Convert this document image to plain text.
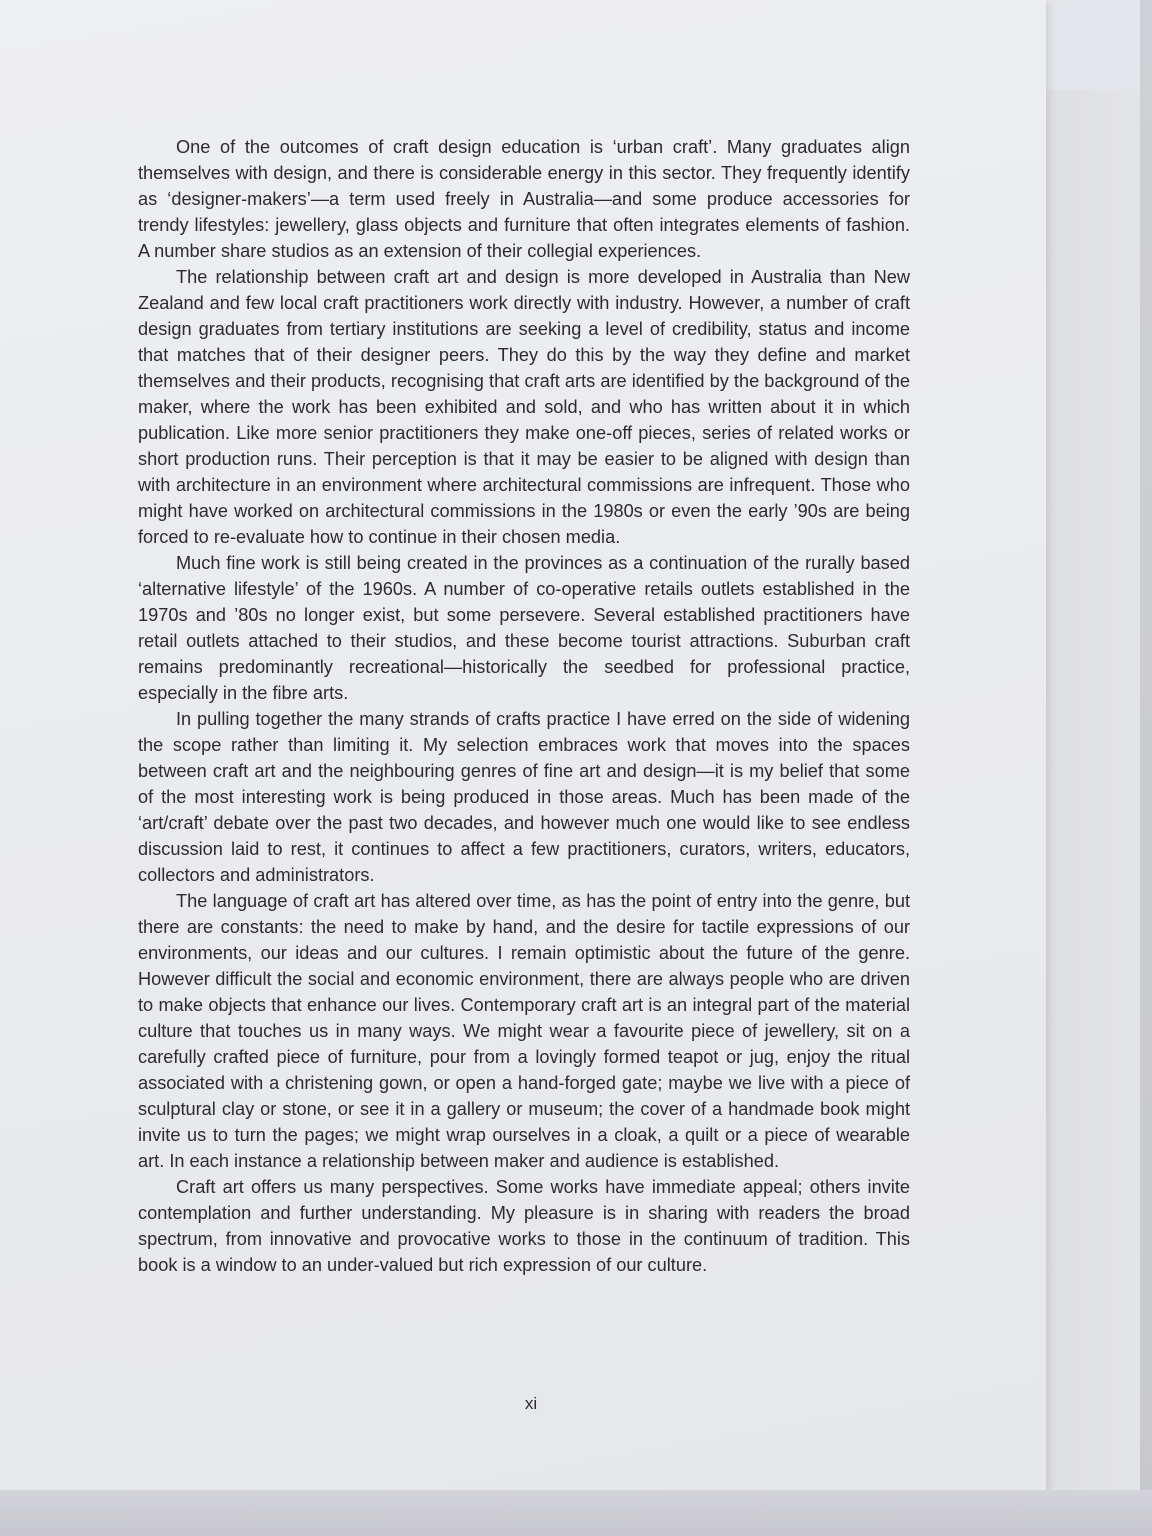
One of the outcomes of craft design education is ‘urban craft’. Many graduates align themselves with design, and there is considerable energy in this sector. They frequently identify as ‘designer-makers’—a term used freely in Australia—and some produce accessories for trendy lifestyles: jewellery, glass objects and furniture that often integrates elements of fashion. A number share studios as an extension of their collegial experiences.

The relationship between craft art and design is more developed in Australia than New Zealand and few local craft practitioners work directly with industry. However, a number of craft design graduates from tertiary institutions are seeking a level of credibility, status and income that matches that of their designer peers. They do this by the way they define and market themselves and their products, recognising that craft arts are identified by the background of the maker, where the work has been exhibited and sold, and who has written about it in which publication. Like more senior practitioners they make one-off pieces, series of related works or short production runs. Their perception is that it may be easier to be aligned with design than with architecture in an environment where architectural commissions are infrequent. Those who might have worked on architectural commissions in the 1980s or even the early ’90s are being forced to re-evaluate how to continue in their chosen media.

Much fine work is still being created in the provinces as a continuation of the rurally based ‘alternative lifestyle’ of the 1960s. A number of co-operative retails outlets established in the 1970s and ’80s no longer exist, but some persevere. Several established practitioners have retail outlets attached to their studios, and these become tourist attractions. Suburban craft remains predominantly recreational—historically the seedbed for professional practice, especially in the fibre arts.

In pulling together the many strands of crafts practice I have erred on the side of widening the scope rather than limiting it. My selection embraces work that moves into the spaces between craft art and the neighbouring genres of fine art and design—it is my belief that some of the most interesting work is being produced in those areas. Much has been made of the ‘art/craft’ debate over the past two decades, and however much one would like to see endless discussion laid to rest, it continues to affect a few practitioners, curators, writers, educators, collectors and administrators.

The language of craft art has altered over time, as has the point of entry into the genre, but there are constants: the need to make by hand, and the desire for tactile expressions of our environments, our ideas and our cultures. I remain optimistic about the future of the genre. However difficult the social and economic environment, there are always people who are driven to make objects that enhance our lives. Contemporary craft art is an integral part of the material culture that touches us in many ways. We might wear a favourite piece of jewellery, sit on a carefully crafted piece of furniture, pour from a lovingly formed teapot or jug, enjoy the ritual associated with a christening gown, or open a hand-forged gate; maybe we live with a piece of sculptural clay or stone, or see it in a gallery or museum; the cover of a handmade book might invite us to turn the pages; we might wrap ourselves in a cloak, a quilt or a piece of wearable art. In each instance a relationship between maker and audience is established.

Craft art offers us many perspectives. Some works have immediate appeal; others invite contemplation and further understanding. My pleasure is in sharing with readers the broad spectrum, from innovative and provocative works to those in the continuum of tradition. This book is a window to an under-valued but rich expression of our culture.

xi
